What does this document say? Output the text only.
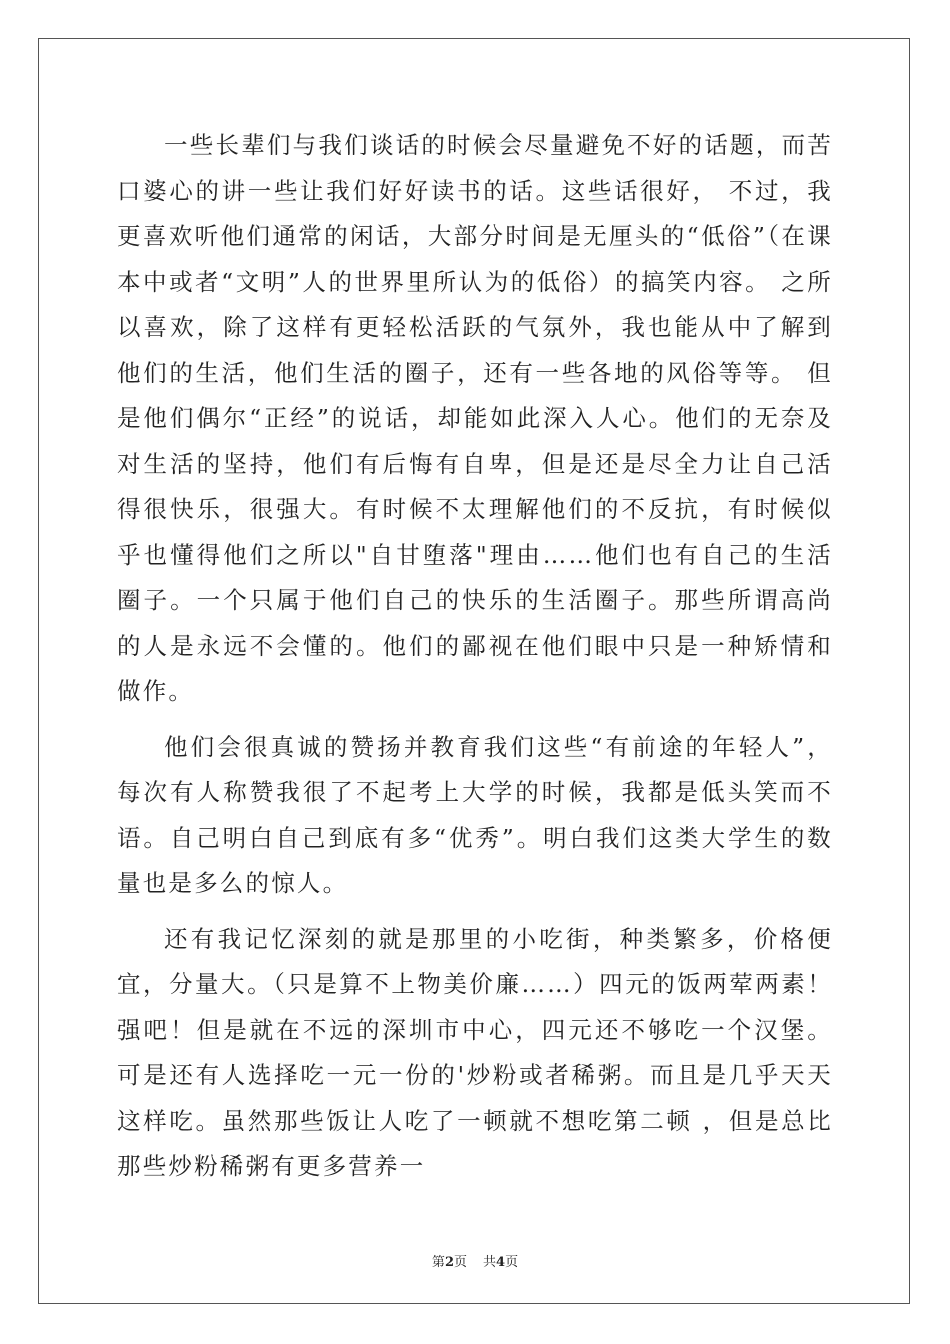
一些长辈们与我们谈话的时候会尽量避免不好的话题，而苦口婆心的讲一些让我们好好读书的话。这些话很好， 不过，我更喜欢听他们通常的闲话，大部分时间是无厘头的“低俗”（在课本中或者“文明”人的世界里所认为的低俗）的搞笑内容。 之所以喜欢，除了这样有更轻松活跃的气氛外，我也能从中了解到他们的生活，他们生活的圈子，还有一些各地的风俗等等。 但是他们偶尔“正经”的说话，却能如此深入人心。他们的无奈及对生活的坚持，他们有后悔有自卑，但是还是尽全力让自己活得很快乐，很强大。有时候不太理解他们的不反抗，有时候似乎也懂得他们之所以"自甘堕落"理由……他们也有自己的生活圈子。一个只属于他们自己的快乐的生活圈子。那些所谓高尚的人是永远不会懂的。他们的鄙视在他们眼中只是一种矫情和做作。

他们会很真诚的赞扬并教育我们这些“有前途的年轻人”，每次有人称赞我很了不起考上大学的时候，我都是低头笑而不语。自己明白自己到底有多“优秀”。明白我们这类大学生的数量也是多么的惊人。

还有我记忆深刻的就是那里的小吃街，种类繁多，价格便宜，分量大。（只是算不上物美价廉……）四元的饭两荤两素！强吧！但是就在不远的深圳市中心，四元还不够吃一个汉堡。可是还有人选择吃一元一份的'炒粉或者稀粥。而且是几乎天天这样吃。虽然那些饭让人吃了一顿就不想吃第二顿 ，但是总比那些炒粉稀粥有更多营养一

第2页 共4页
